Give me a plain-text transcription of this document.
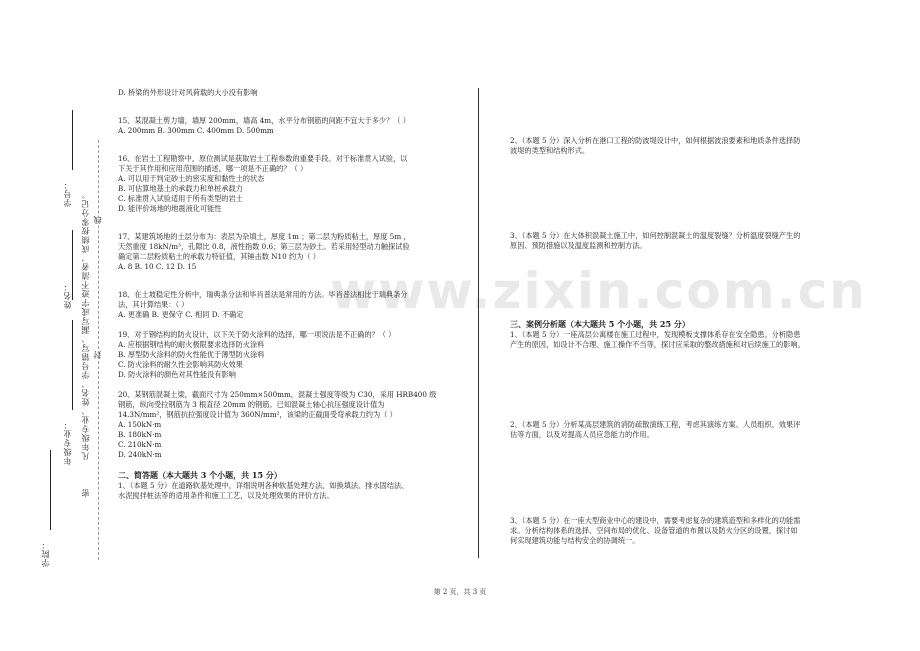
www.zixin.com.cn
学号：
姓名：
年级专业： 凡年级专业、姓名、学号错写、漏写或字迹不清者，成绩按零分记。
密
封
线
学院：

D. 桥梁的外形设计对风荷载的大小没有影响

15、某混凝土剪力墙，墙厚 200mm，墙高 4m，水平分布钢筋的间距不宜大于多少？（ ）

A. 200mm B. 300mm C. 400mm D. 500mm

16、在岩土工程勘察中，原位测试是获取岩土工程参数的重要手段。对于标准贯入试验，以

下关于其作用和应用范围的描述，哪一项是不正确的？（ ）

A. 可以用于判定砂土的密实度和黏性土的状态

B. 可估算地基土的承载力和单桩承载力

C. 标准贯入试验适用于所有类型的岩土

D. 能评价场地的地震液化可能性

17、某建筑场地的土层分布为：表层为杂填土，厚度 1m ；第二层为粉质粘土，厚度 5m ，

天然重度 18kN/m³，孔隙比 0.8，液性指数 0.6；第三层为砂土。若采用轻型动力触探试验

确定第二层粉质粘土的承载力特征值，其锤击数 N10 约为（ ）

A. 8 B. 10 C. 12 D. 15

18、在土坡稳定性分析中，瑞典条分法和毕肖普法是常用的方法。毕肖普法相比于瑞典条分

法，其计算结果：（ ）

A. 更准确 B. 更保守 C. 相同 D. 不确定

19、对于钢结构的防火设计，以下关于防火涂料的选择，哪一项说法是不正确的？（ ）

A. 应根据钢结构的耐火极限要求选择防火涂料

B. 厚型防火涂料的防火性能优于薄型防火涂料

C. 防火涂料的耐久性会影响其防火效果

D. 防火涂料的颜色对其性能没有影响

20、某钢筋混凝土梁，截面尺寸为 250mm×500mm，混凝土强度等级为 C30，采用 HRB400 级

钢筋，纵向受拉钢筋为 3 根直径 20mm 的钢筋。已知混凝土轴心抗压强度设计值为

14.3N/mm²，钢筋抗拉强度设计值为 360N/mm²，该梁的正截面受弯承载力约为（ ）

A. 150kN·m

B. 180kN·m

C. 210kN·m

D. 240kN·m

二、简答题（本大题共 3 个小题，共 15 分）

1、（本题 5 分）在道路软基处理中，详细说明各种软基处理方法，如换填法、排水固结法、

水泥搅拌桩法等的适用条件和施工工艺，以及处理效果的评价方法。

2、（本题 5 分）深入分析在港口工程的防波堤设计中，如何根据波浪要素和地质条件选择防

波堤的类型和结构形式。

3、（本题 5 分）在大体积混凝土施工中，如何控制混凝土的温度裂缝？分析温度裂缝产生的

原因、预防措施以及温度监测和控制方法。

三、案例分析题（本大题共 5 个小题，共 25 分）

1、（本题 5 分）一座高层公寓楼在施工过程中，发现模板支撑体系存在安全隐患。分析隐患

产生的原因，如设计不合理、施工操作不当等，探讨应采取的整改措施和对后续施工的影响。

2、（本题 5 分）分析某高层建筑的消防疏散演练工程，考虑其演练方案、人员组织、效果评

估等方面，以及对提高人员应急能力的作用。

3、（本题 5 分）在一座大型商业中心的建设中，需要考虑复杂的建筑造型和多样化的功能需

求。分析结构体系的选择、空间布局的优化、设备管道的布置以及防火分区的设置，探讨如

何实现建筑功能与结构安全的协调统一。

第 2 页，共 3 页
